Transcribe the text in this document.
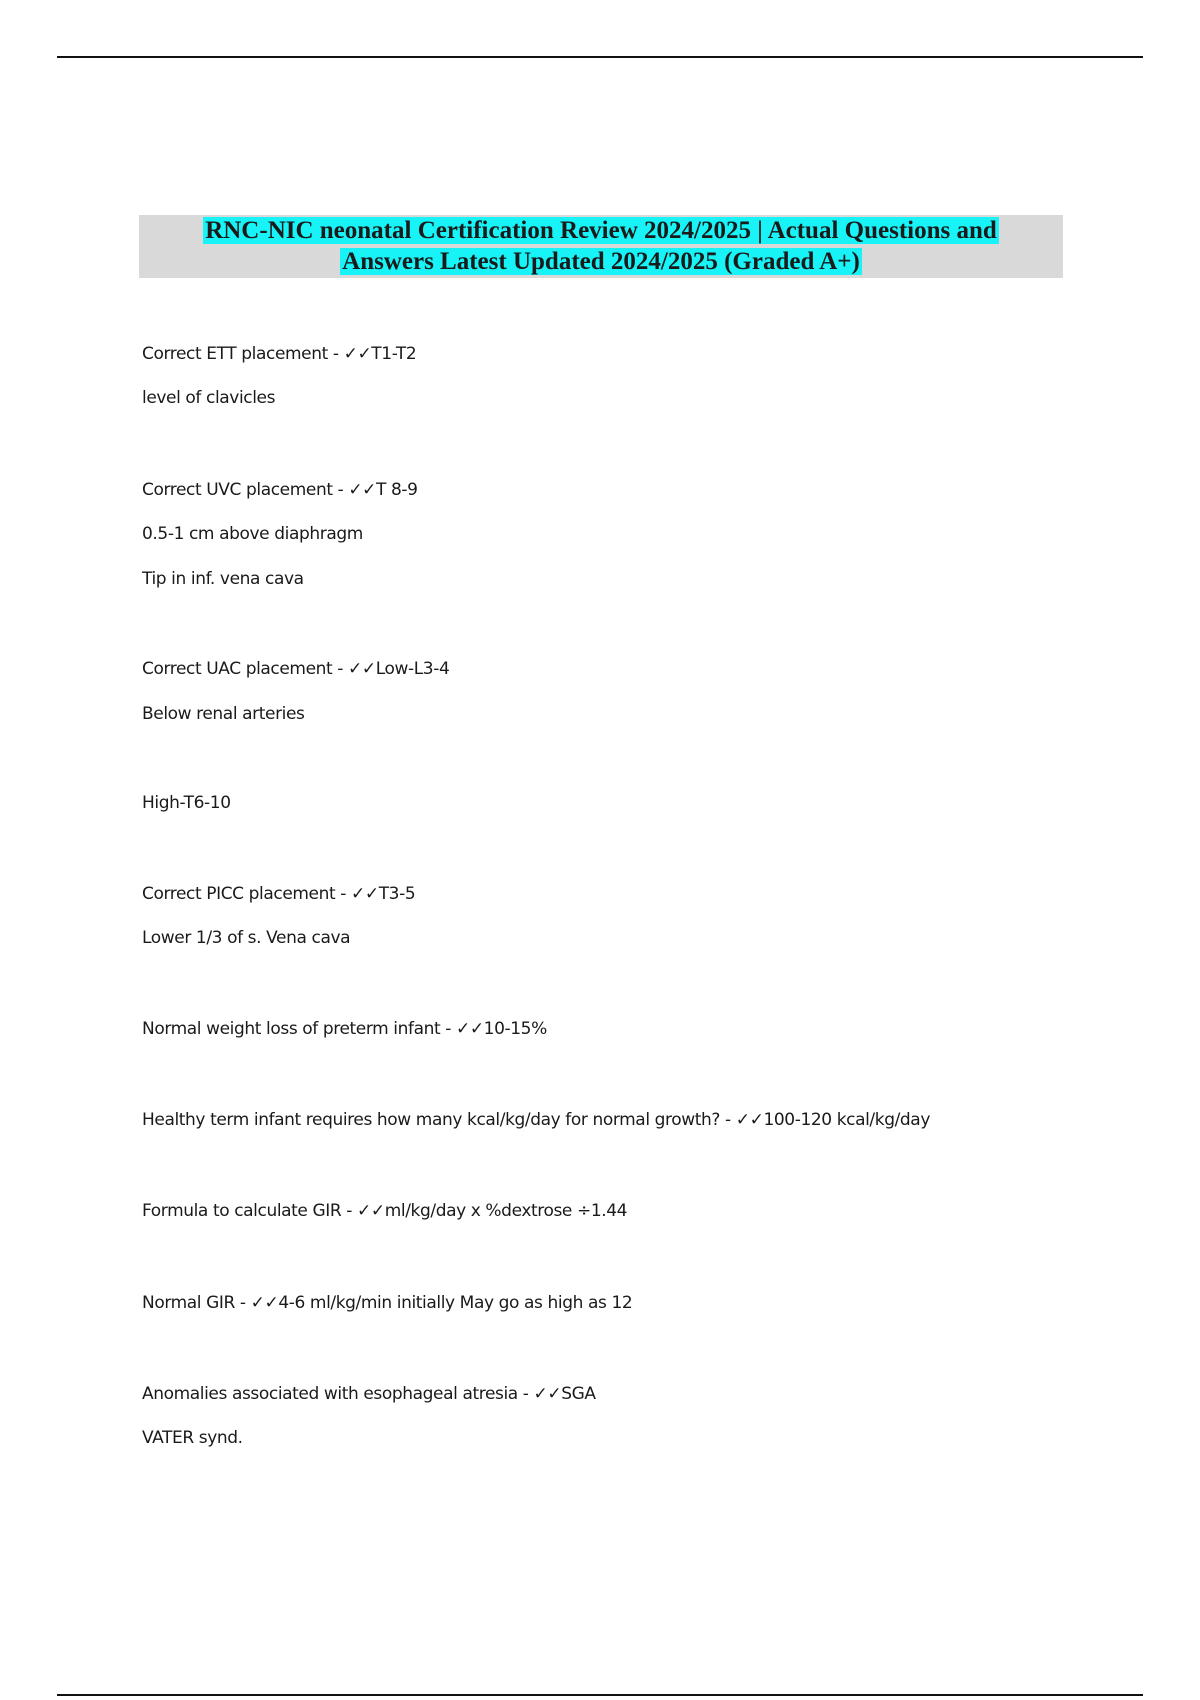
RNC-NIC neonatal Certification Review 2024/2025 | Actual Questions and
Answers Latest Updated 2024/2025 (Graded A+)
Correct ETT placement - ✓✓T1-T2
level of clavicles
Correct UVC placement - ✓✓T 8-9
0.5-1 cm above diaphragm
Tip in inf. vena cava
Correct UAC placement - ✓✓Low-L3-4
Below renal arteries
High-T6-10
Correct PICC placement - ✓✓T3-5
Lower 1/3 of s. Vena cava
Normal weight loss of preterm infant - ✓✓10-15%
Healthy term infant requires how many kcal/kg/day for normal growth? - ✓✓100-120 kcal/kg/day
Formula to calculate GIR - ✓✓ml/kg/day x %dextrose ÷1.44
Normal GIR - ✓✓4-6 ml/kg/min initially May go as high as 12
Anomalies associated with esophageal atresia - ✓✓SGA
VATER synd.
